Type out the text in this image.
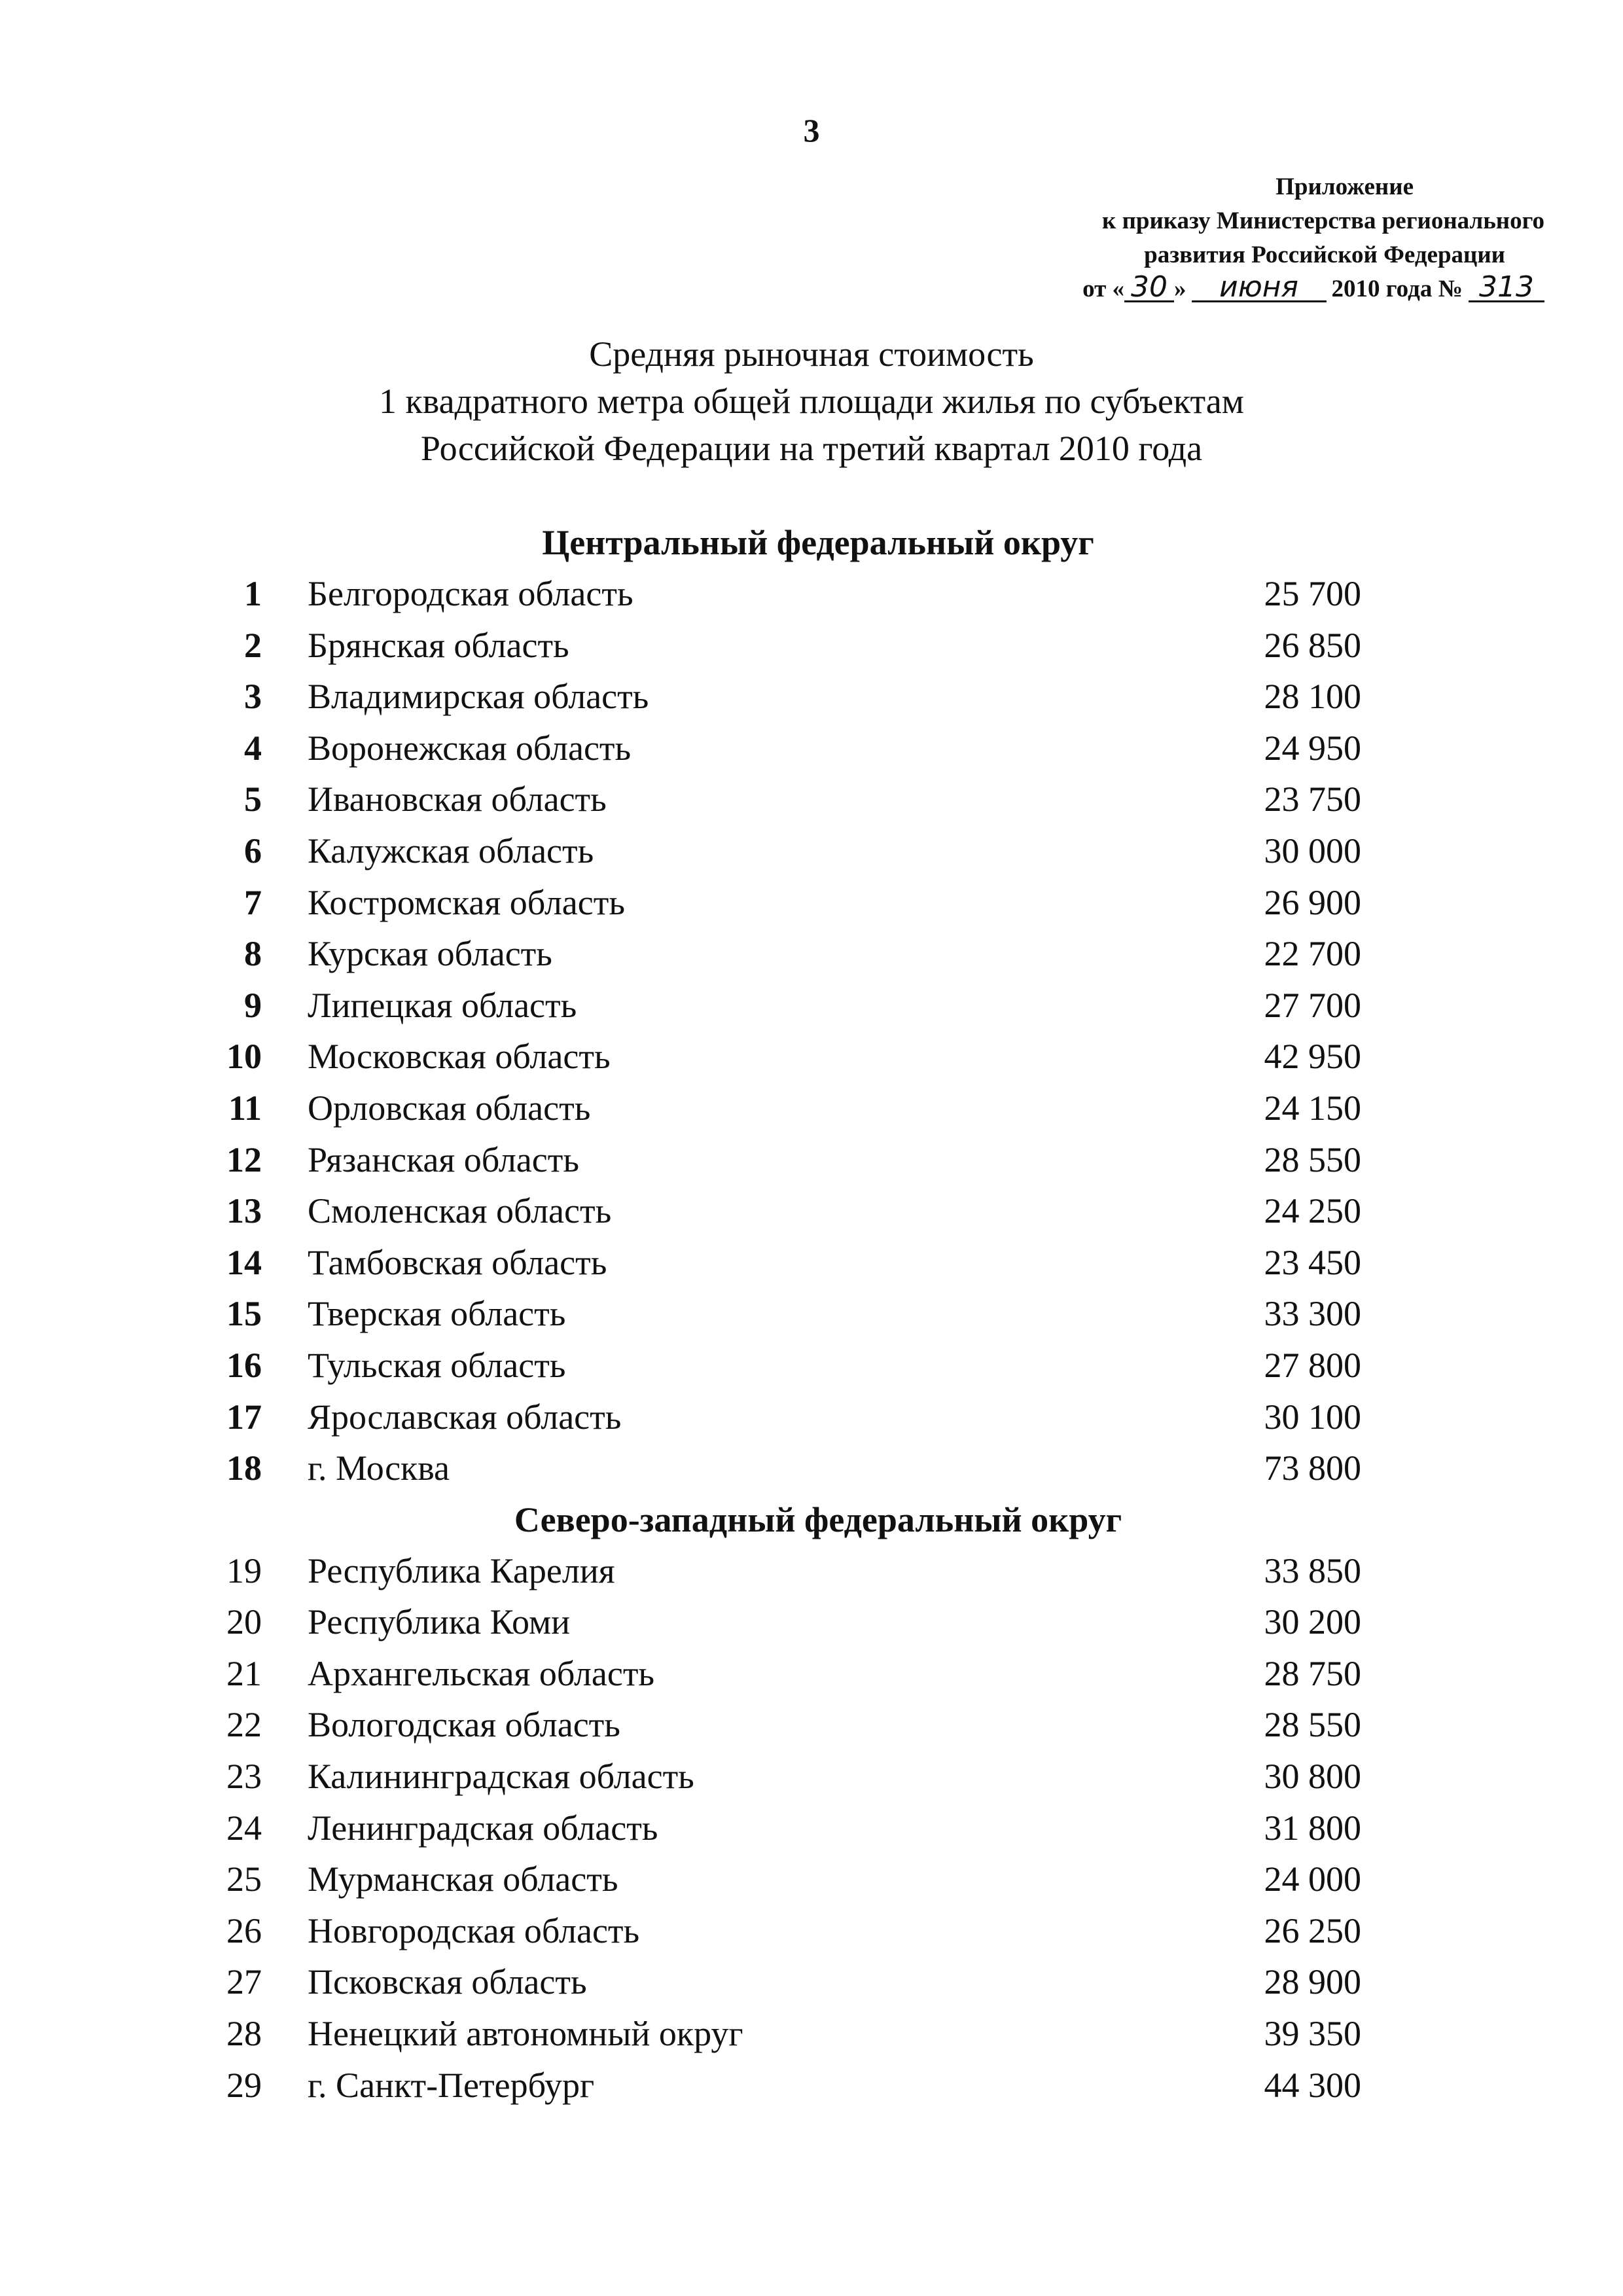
3
Приложение
к приказу Министерства регионального
развития Российской Федерации
от « 30 » июня 2010 года № 313
Средняя рыночная стоимость
1 квадратного метра общей площади жилья по субъектам
Российской Федерации на третий квартал 2010 года
Центральный федеральный округ
1 Белгородская область	25 700
2 Брянская область	26 850
3 Владимирская область	28 100
4 Воронежская область	24 950
5 Ивановская область	23 750
6 Калужская область	30 000
7 Костромская область	26 900
8 Курская область	22 700
9 Липецкая область	27 700
10 Московская область	42 950
11 Орловская область	24 150
12 Рязанская область	28 550
13 Смоленская область	24 250
14 Тамбовская область	23 450
15 Тверская область	33 300
16 Тульская область	27 800
17 Ярославская область	30 100
18 г. Москва	73 800
Северо-западный федеральный округ
19 Республика Карелия	33 850
20 Республика Коми	30 200
21 Архангельская область	28 750
22 Вологодская область	28 550
23 Калининградская область	30 800
24 Ленинградская область	31 800
25 Мурманская область	24 000
26 Новгородская область	26 250
27 Псковская область	28 900
28 Ненецкий автономный округ	39 350
29 г. Санкт-Петербург	44 300
